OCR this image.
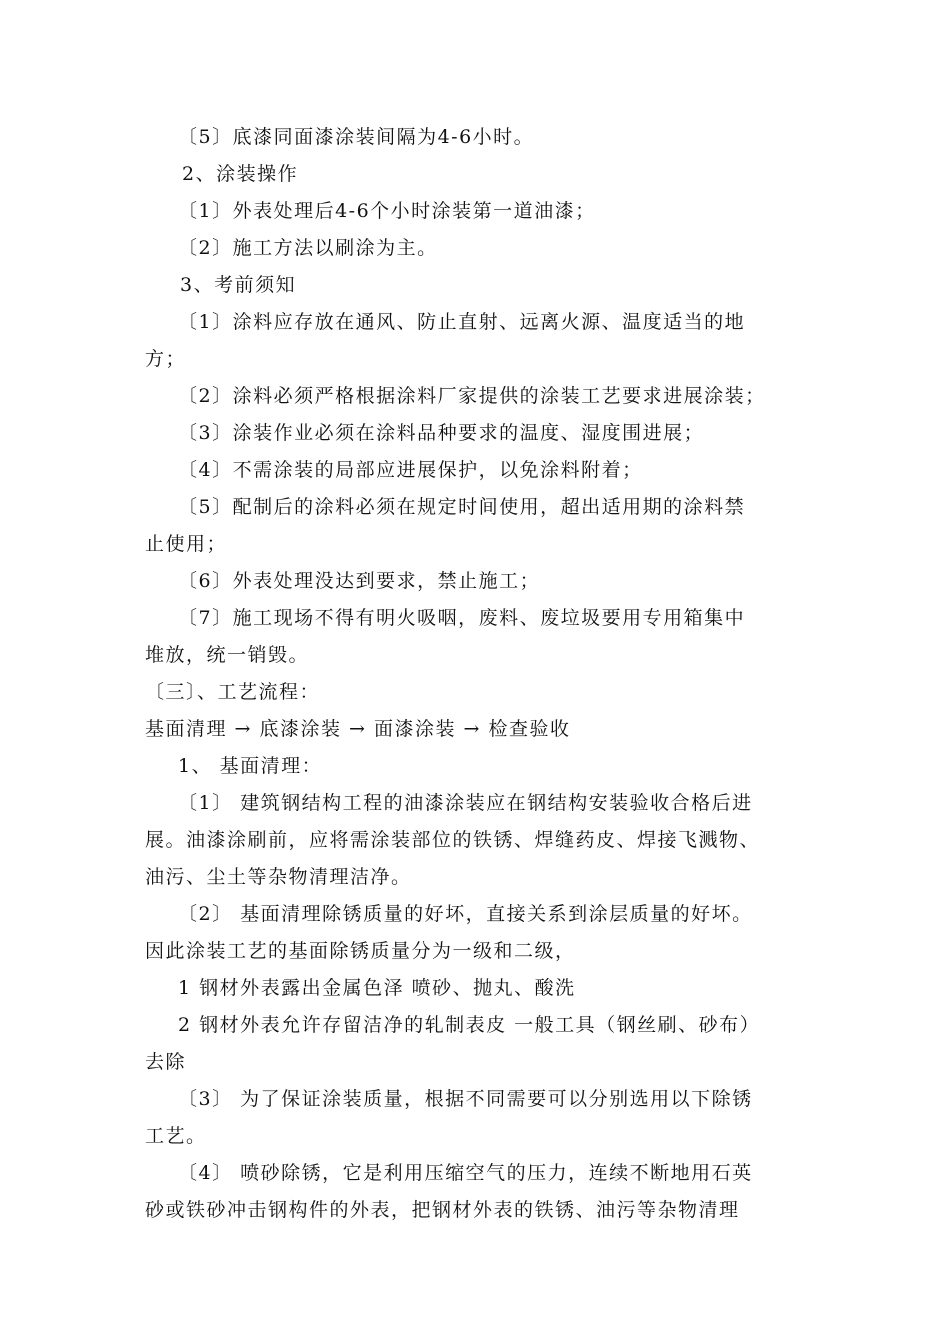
〔5〕底漆同面漆涂装间隔为4-6小时。
2、涂装操作
〔1〕外表处理后4-6个小时涂装第一道油漆；
〔2〕施工方法以刷涂为主。
3、考前须知
〔1〕涂料应存放在通风、防止直射、远离火源、温度适当的地
方；
〔2〕涂料必须严格根据涂料厂家提供的涂装工艺要求进展涂装；
〔3〕涂装作业必须在涂料品种要求的温度、湿度围进展；
〔4〕不需涂装的局部应进展保护，以免涂料附着；
〔5〕配制后的涂料必须在规定时间使用，超出适用期的涂料禁
止使用；
〔6〕外表处理没达到要求，禁止施工；
〔7〕施工现场不得有明火吸咽，废料、废垃圾要用专用箱集中
堆放，统一销毁。
〔三〕、工艺流程：
基面清理 → 底漆涂装 → 面漆涂装 → 检查验收
1、 基面清理：
〔1〕 建筑钢结构工程的油漆涂装应在钢结构安装验收合格后进
展。油漆涂刷前，应将需涂装部位的铁锈、焊缝药皮、焊接飞溅物、
油污、尘土等杂物清理洁净。
〔2〕 基面清理除锈质量的好坏，直接关系到涂层质量的好坏。
因此涂装工艺的基面除锈质量分为一级和二级，
1 钢材外表露出金属色泽 喷砂、抛丸、酸洗
2 钢材外表允许存留洁净的轧制表皮 一般工具（钢丝刷、砂布）
去除
〔3〕 为了保证涂装质量，根据不同需要可以分别选用以下除锈
工艺。
〔4〕 喷砂除锈，它是利用压缩空气的压力，连续不断地用石英
砂或铁砂冲击钢构件的外表，把钢材外表的铁锈、油污等杂物清理
